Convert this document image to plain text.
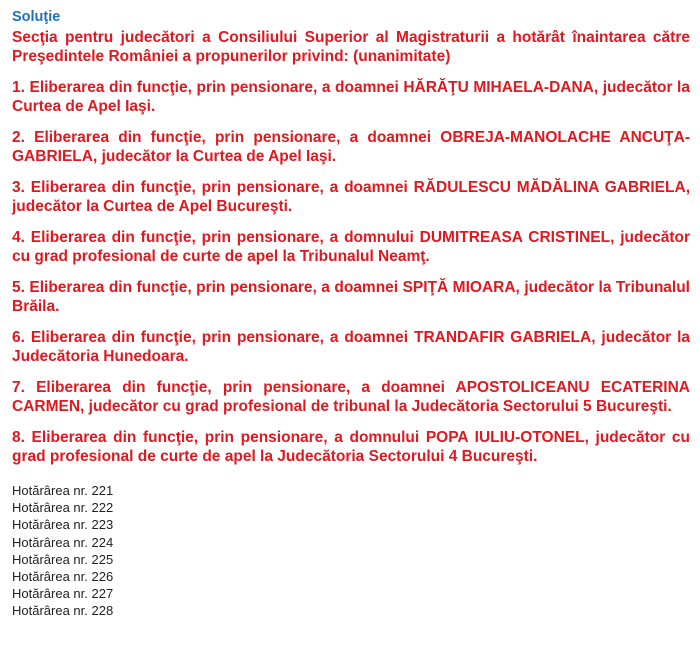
Soluţie
Secţia pentru judecători a Consiliului Superior al Magistraturii a hotărât înaintarea către Preşedintele României a propunerilor privind: (unanimitate)
1. Eliberarea din funcţie, prin pensionare, a doamnei HĂRĂŢU MIHAELA-DANA, judecător la Curtea de Apel Iaşi.
2. Eliberarea din funcţie, prin pensionare, a doamnei OBREJA-MANOLACHE ANCUŢA-GABRIELA, judecător la Curtea de Apel Iaşi.
3. Eliberarea din funcţie, prin pensionare, a doamnei RĂDULESCU MĂDĂLINA GABRIELA, judecător la Curtea de Apel Bucureşti.
4. Eliberarea din funcţie, prin pensionare, a domnului DUMITREASA CRISTINEL, judecător cu grad profesional de curte de apel la Tribunalul Neamţ.
5. Eliberarea din funcţie, prin pensionare, a doamnei SPIŢĂ MIOARA, judecător la Tribunalul Brăila.
6. Eliberarea din funcţie, prin pensionare, a doamnei TRANDAFIR GABRIELA, judecător la Judecătoria Hunedoara.
7. Eliberarea din funcţie, prin pensionare, a doamnei APOSTOLICEANU ECATERINA CARMEN, judecător cu grad profesional de tribunal la Judecătoria Sectorului 5 Bucureşti.
8. Eliberarea din funcţie, prin pensionare, a domnului POPA IULIU-OTONEL, judecător cu grad profesional de curte de apel la Judecătoria Sectorului 4 Bucureşti.
Hotărârea nr. 221
Hotărârea nr. 222
Hotărârea nr. 223
Hotărârea nr. 224
Hotărârea nr. 225
Hotărârea nr. 226
Hotărârea nr. 227
Hotărârea nr. 228
